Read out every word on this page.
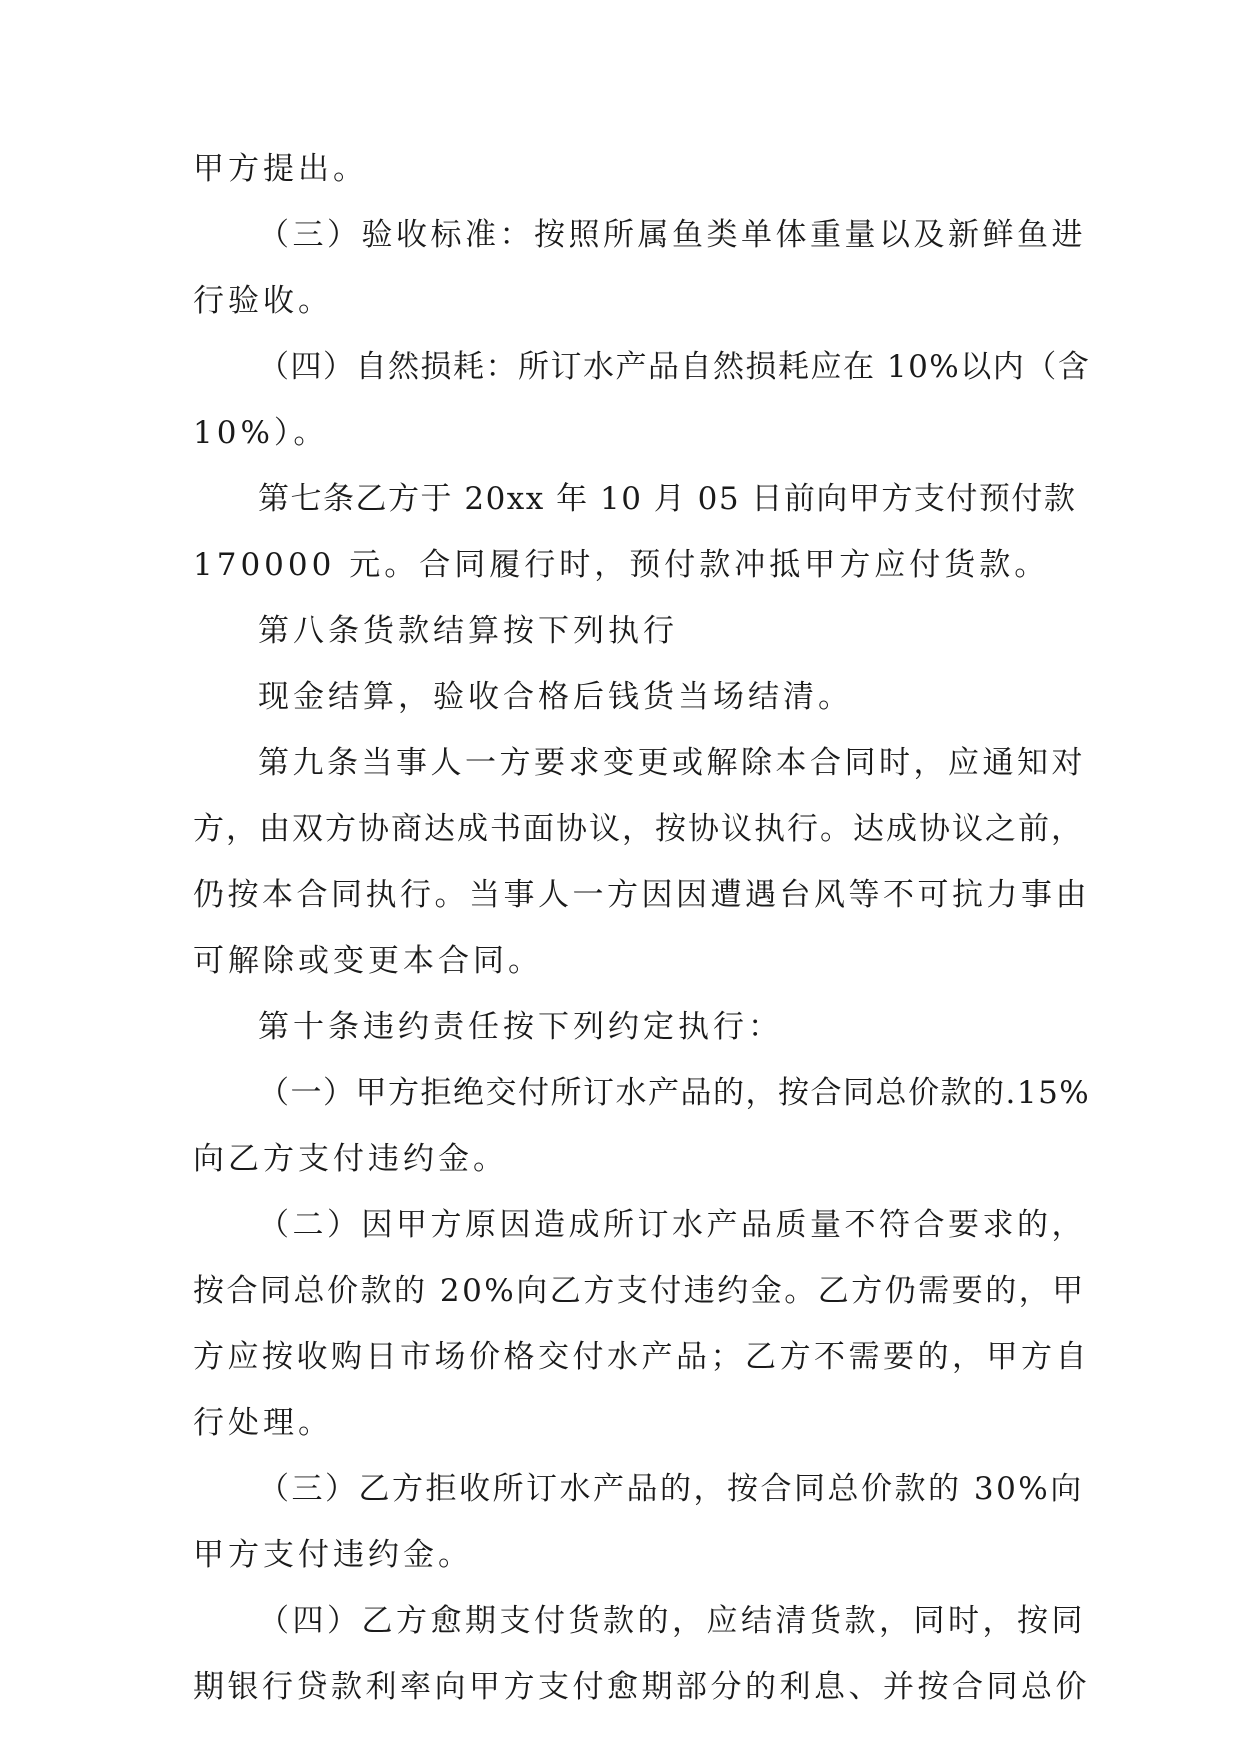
甲方提出。
（三）验收标准：按照所属鱼类单体重量以及新鲜鱼进
行验收。
（四）自然损耗：所订水产品自然损耗应在 10%以内（含
10%）。
第七条乙方于 20xx 年 10 月 05 日前向甲方支付预付款
170000 元。合同履行时，预付款冲抵甲方应付货款。
第八条货款结算按下列执行
现金结算，验收合格后钱货当场结清。
第九条当事人一方要求变更或解除本合同时，应通知对
方，由双方协商达成书面协议，按协议执行。达成协议之前，
仍按本合同执行。当事人一方因因遭遇台风等不可抗力事由
可解除或变更本合同。
第十条违约责任按下列约定执行：
（一）甲方拒绝交付所订水产品的，按合同总价款的.15%
向乙方支付违约金。
（二）因甲方原因造成所订水产品质量不符合要求的，
按合同总价款的 20%向乙方支付违约金。乙方仍需要的，甲
方应按收购日市场价格交付水产品；乙方不需要的，甲方自
行处理。
（三）乙方拒收所订水产品的，按合同总价款的 30%向
甲方支付违约金。
（四）乙方愈期支付货款的，应结清货款，同时，按同
期银行贷款利率向甲方支付愈期部分的利息、并按合同总价
